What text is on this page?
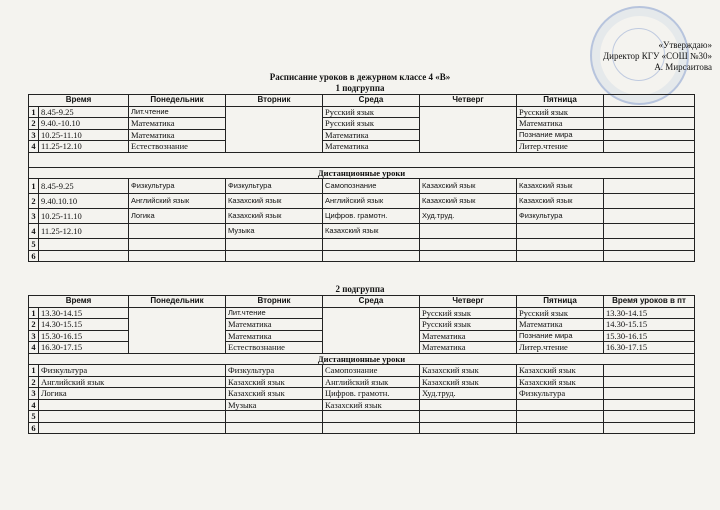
«Утверждаю»
Директор КГУ «СОШ №30»
А. Мирсаитова
Расписание уроков в дежурном классе 4 «В»
1 подгруппа
Время		Понедельник	Вторник	Среда	Четверг	Пятница	
1	8.45-9.25	Лит.чтение		Русский язык		Русский язык	
2	9.40.-10.10	Математика		Русский язык		Математика	
3	10.25-11.10	Математика		Математика		Познание мира	
4	11.25-12.10	Естествознание		Математика		Литер.чтение	

Дистанционные уроки							
1	8.45-9.25	Физкультура	Физкультура	Самопознание	Казахский язык	Казахский язык	
2	9.40.10.10	Английский язык	Казахский язык	Английский язык	Казахский язык	Казахский язык	
3	10.25-11.10	Логика	Казахский язык	Цифров. грамотн.	Худ.труд.	Физкультура	
4	11.25-12.10		Музыка	Казахский язык			
5							
6							
2 подгруппа
Время		Понедельник	Вторник	Среда	Четверг	Пятница	Время уроков в пт
1	13.30-14.15		Лит.чтение		Русский язык	Русский язык	13.30-14.15
2	14.30-15.15		Математика		Русский язык	Математика	14.30-15.15
3	15.30-16.15		Математика		Математика	Познание мира	15.30-16.15
4	16.30-17.15		Естествознание		Математика	Литер.чтение	16.30-17.15
Дистанционные уроки							
1	Физкультура		Физкультура	Самопознание	Казахский язык	Казахский язык	
2	Английский язык		Казахский язык	Английский язык	Казахский язык	Казахский язык	
3	Логика		Казахский язык	Цифров. грамотн.	Худ.труд.	Физкультура	
4			Музыка	Казахский язык			
5							
6							
